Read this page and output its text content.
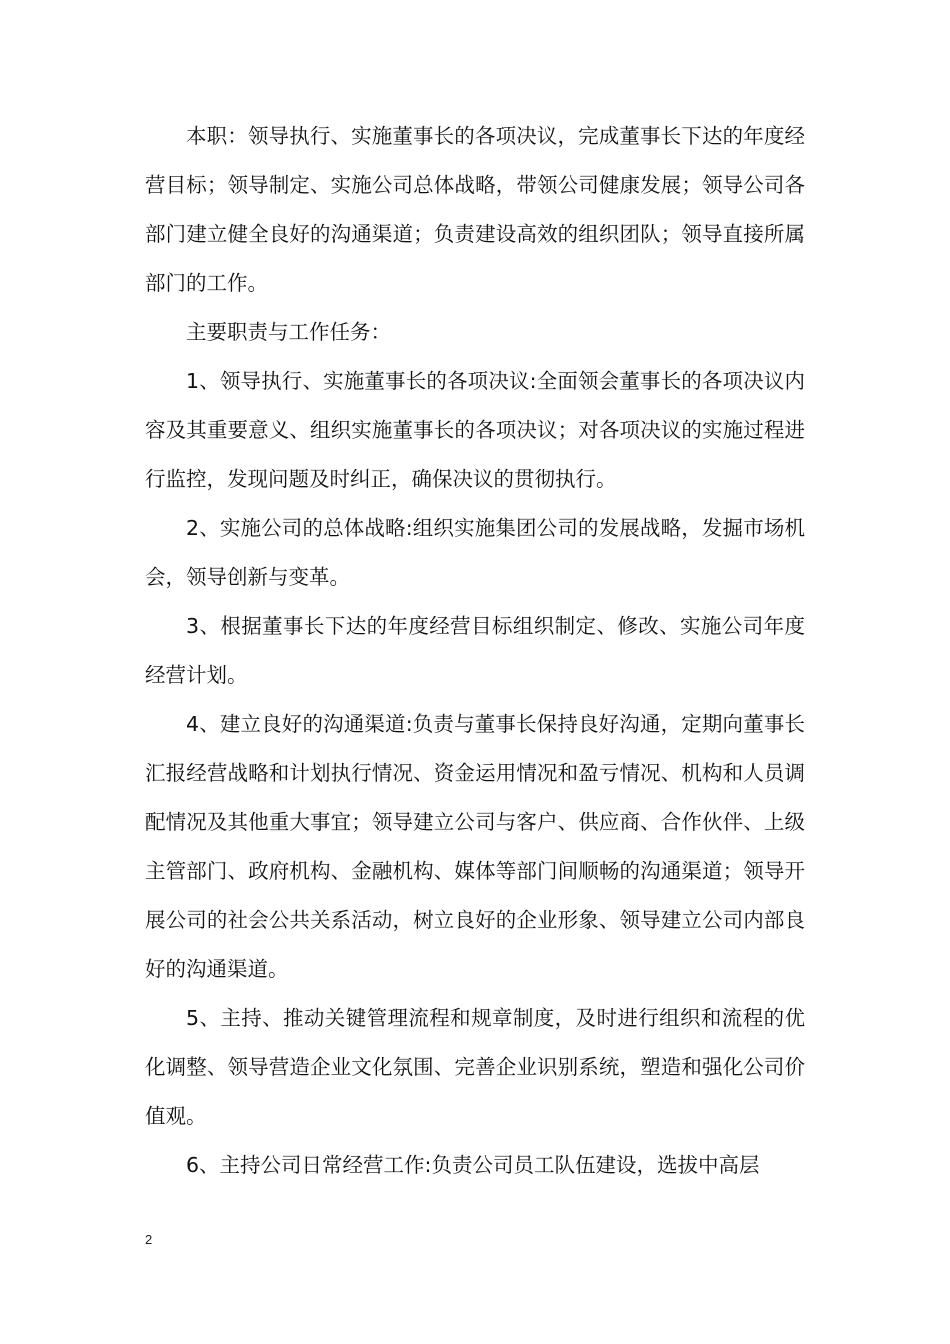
本职：领导执行、实施董事长的各项决议，完成董事长下达的年度经营目标；领导制定、实施公司总体战略，带领公司健康发展；领导公司各部门建立健全良好的沟通渠道；负责建设高效的组织团队；领导直接所属部门的工作。

主要职责与工作任务：

1、领导执行、实施董事长的各项决议:全面领会董事长的各项决议内容及其重要意义、组织实施董事长的各项决议；对各项决议的实施过程进行监控，发现问题及时纠正，确保决议的贯彻执行。

2、实施公司的总体战略:组织实施集团公司的发展战略，发掘市场机会，领导创新与变革。

3、根据董事长下达的年度经营目标组织制定、修改、实施公司年度经营计划。

4、建立良好的沟通渠道:负责与董事长保持良好沟通，定期向董事长汇报经营战略和计划执行情况、资金运用情况和盈亏情况、机构和人员调配情况及其他重大事宜；领导建立公司与客户、供应商、合作伙伴、上级主管部门、政府机构、金融机构、媒体等部门间顺畅的沟通渠道；领导开展公司的社会公共关系活动，树立良好的企业形象、领导建立公司内部良好的沟通渠道。

5、主持、推动关键管理流程和规章制度，及时进行组织和流程的优化调整、领导营造企业文化氛围、完善企业识别系统，塑造和强化公司价值观。

6、主持公司日常经营工作:负责公司员工队伍建设，选拔中高层

2
